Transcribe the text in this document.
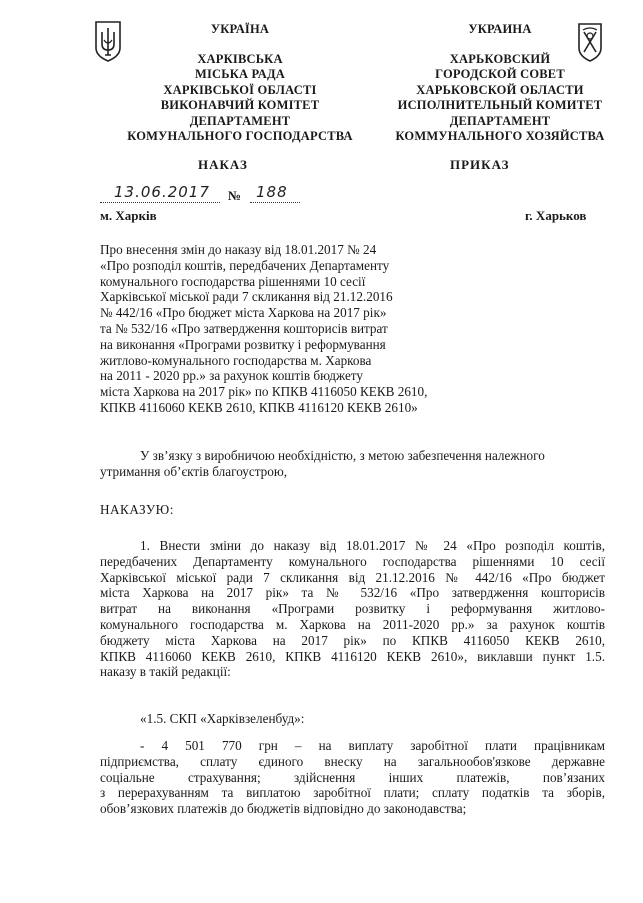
УКРАЇНА
ХАРКІВСЬКА
МІСЬКА РАДА
ХАРКІВСЬКОЇ ОБЛАСТІ
ВИКОНАВЧИЙ КОМІТЕТ
ДЕПАРТАМЕНТ
КОМУНАЛЬНОГО ГОСПОДАРСТВА
УКРАИНА
ХАРЬКОВСКИЙ
ГОРОДСКОЙ СОВЕТ
ХАРЬКОВСКОЙ ОБЛАСТИ
ИСПОЛНИТЕЛЬНЫЙ КОМИТЕТ
ДЕПАРТАМЕНТ
КОММУНАЛЬНОГО ХОЗЯЙСТВА
НАКАЗ	ПРИКАЗ
13.06.2017 № 188
м. Харків	г. Харьков
Про внесення змін до наказу від 18.01.2017 № 24
«Про розподіл коштів, передбачених Департаменту
комунального господарства рішеннями 10 сесії
Харківської міської ради 7 скликання від 21.12.2016
№ 442/16 «Про бюджет міста Харкова на 2017 рік»
та № 532/16 «Про затвердження кошторисів витрат
на виконання «Програми розвитку і реформування
житлово-комунального господарства м. Харкова
на 2011 - 2020 рр.» за рахунок коштів бюджету
міста Харкова на 2017 рік» по КПКВ 4116050 КЕКВ 2610,
КПКВ 4116060 КЕКВ 2610, КПКВ 4116120 КЕКВ 2610»
У зв’язку з виробничою необхідністю, з метою забезпечення належного
утримання об’єктів благоустрою,
НАКАЗУЮ:
1. Внести зміни до наказу від 18.01.2017 № 24 «Про розподіл коштів,
передбачених Департаменту комунального господарства рішеннями 10 сесії
Харківської міської ради 7 скликання від 21.12.2016 № 442/16 «Про бюджет
міста Харкова на 2017 рік» та № 532/16 «Про затвердження кошторисів
витрат на виконання «Програми розвитку і реформування житлово-
комунального господарства м. Харкова на 2011-2020 рр.» за рахунок коштів
бюджету міста Харкова на 2017 рік» по КПКВ 4116050 КЕКВ 2610,
КПКВ 4116060 КЕКВ 2610, КПКВ 4116120 КЕКВ 2610», виклавши пункт 1.5.
наказу в такій редакції:
«1.5. СКП «Харківзеленбуд»:
- 4 501 770 грн – на виплату заробітної плати працівникам
підприємства, сплату єдиного внеску на загальнообов'язкове державне
соціальне страхування; здійснення інших платежів, пов’язаних
з перерахуванням та виплатою заробітної плати; сплату податків та зборів,
обов’язкових платежів до бюджетів відповідно до законодавства;
